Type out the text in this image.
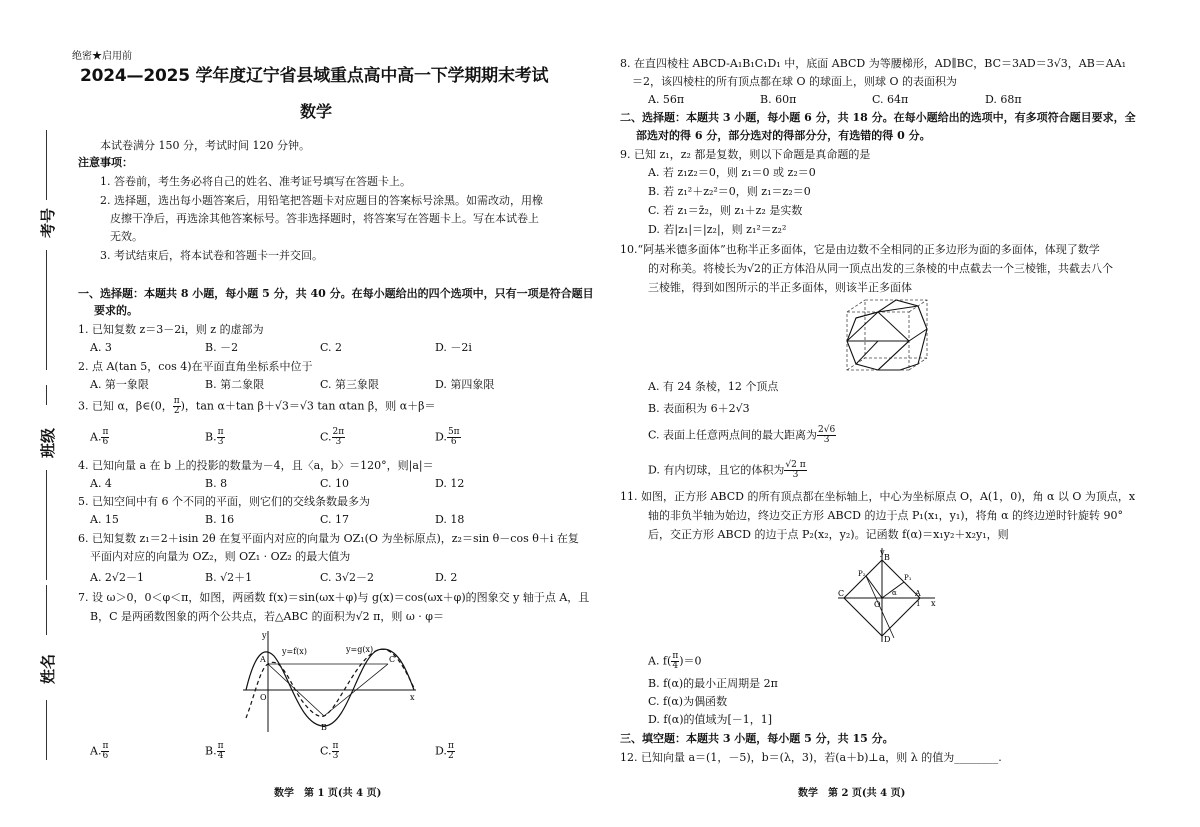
绝密★启用前
2024—2025 学年度辽宁省县域重点高中高一下学期期末考试
数学
考号
班级
姓名
本试卷满分 150 分，考试时间 120 分钟。
注意事项：
1. 答卷前，考生务必将自己的姓名、准考证号填写在答题卡上。
2. 选择题，选出每小题答案后，用铅笔把答题卡对应题目的答案标号涂黑。如需改动，用橡
皮擦干净后，再选涂其他答案标号。答非选择题时，将答案写在答题卡上。写在本试卷上
无效。
3. 考试结束后，将本试卷和答题卡一并交回。
一、选择题：本题共 8 小题，每小题 5 分，共 40 分。在每小题给出的四个选项中，只有一项是符合题目
要求的。
1. 已知复数 z＝3－2i，则 z 的虚部为
A. 3	B. －2	C. 2	D. －2i
2. 点 A(tan 5，cos 4)在平面直角坐标系中位于
A. 第一象限	B. 第二象限	C. 第三象限	D. 第四象限
3. 已知 α，β∈(0， $\frac{\pi}{2}$ )，tan α＋tan β＋√3＝√3 tan αtan β，则 α＋β＝
A. $\frac{\pi}{6}$	B. $\frac{\pi}{3}$	C. $\frac{2\pi}{3}$	D. $\frac{5\pi}{6}$
4. 已知向量 a 在 b 上的投影的数量为－4，且〈a，b〉＝120°，则|a|＝
A. 4	B. 8	C. 10	D. 12
5. 已知空间中有 6 个不同的平面，则它们的交线条数最多为
A. 15	B. 16	C. 17	D. 18
6. 已知复数 z₁＝2＋isin 2θ 在复平面内对应的向量为 OZ₁(O 为坐标原点)，z₂＝sin θ－cos θ＋i 在复
平面内对应的向量为 OZ₂，则 OZ₁ · OZ₂ 的最大值为
A. 2√2－1	B. √2＋1	C. 3√2－2	D. 2
7. 设 ω＞0，0＜φ＜π，如图，两函数 f(x)＝sin(ωx＋φ)与 g(x)＝cos(ωx＋φ)的图象交 y 轴于点 A，且
B，C 是两函数图象的两个公共点，若△ABC 的面积为√2 π，则 ω · φ＝
y=f(x)	y=g(x)
y
x
O
A
B
C
A. $\frac{\pi}{6}$	B. $\frac{\pi}{4}$	C. $\frac{\pi}{3}$	D. $\frac{\pi}{2}$
数学　第 1 页(共 4 页)
8. 在直四棱柱 ABCD-A₁B₁C₁D₁ 中，底面 ABCD 为等腰梯形，AD∥BC，BC＝3AD＝3√3，AB＝AA₁
＝2，该四棱柱的所有顶点都在球 O 的球面上，则球 O 的表面积为
A. 56π	B. 60π	C. 64π	D. 68π
二、选择题：本题共 3 小题，每小题 6 分，共 18 分。在每小题给出的选项中，有多项符合题目要求，全
部选对的得 6 分，部分选对的得部分分，有选错的得 0 分。
9. 已知 z₁，z₂ 都是复数，则以下命题是真命题的是
A. 若 z₁z₂＝0，则 z₁＝0 或 z₂＝0
B. 若 z₁²＋z₂²＝0，则 z₁＝z₂＝0
C. 若 z₁＝z̄₂，则 z₁＋z₂ 是实数
D. 若|z₁|＝|z₂|，则 z₁²＝z₂²
10.“阿基米德多面体”也称半正多面体，它是由边数不全相同的正多边形为面的多面体，体现了数学
的对称美。将棱长为√2的正方体沿从同一顶点出发的三条棱的中点截去一个三棱锥，共截去八个
三棱锥，得到如图所示的半正多面体，则该半正多面体
A. 有 24 条棱，12 个顶点
B. 表面积为 6＋2√3
C. 表面上任意两点间的最大距离为 $\frac{2√6}{3}$
D. 有内切球，且它的体积为 $\frac{√2 \pi}{3}$
11. 如图，正方形 ABCD 的所有顶点都在坐标轴上，中心为坐标原点 O，A(1，0)，角 α 以 O 为顶点，x
轴的非负半轴为始边，终边交正方形 ABCD 的边于点 P₁(x₁，y₁)，将角 α 的终边逆时针旋转 90°
后，交正方形 ABCD 的边于点 P₂(x₂，y₂)。记函数 f(α)＝x₁y₂＋x₂y₁，则
y
x
O
A
B
C
D
P₁
P₂
α
1
A. $f( \frac{\pi}{4} )=0$
B. f(α)的最小正周期是 2π
C. f(α)为偶函数
D. f(α)的值域为[－1，1]
三、填空题：本题共 3 小题，每小题 5 分，共 15 分。
12. 已知向量 a＝(1，－5)，b＝(λ，3)，若(a＋b)⊥a，则 λ 的值为________.
数学　第 2 页(共 4 页)
